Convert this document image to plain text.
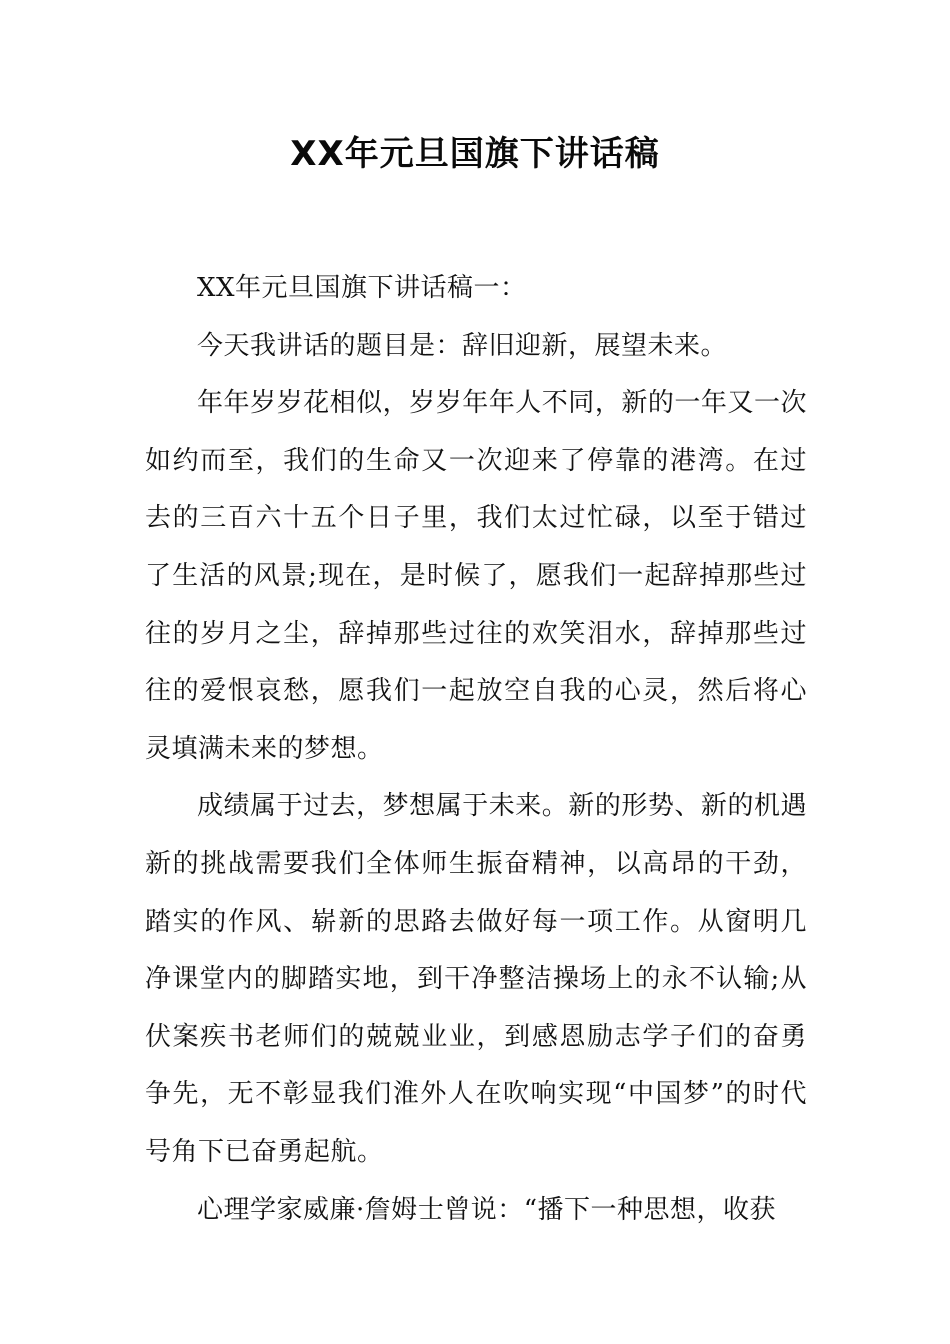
XX年元旦国旗下讲话稿

XX年元旦国旗下讲话稿一：

今天我讲话的题目是：辞旧迎新，展望未来。

年年岁岁花相似，岁岁年年人不同，新的一年又一次如约而至，我们的生命又一次迎来了停靠的港湾。在过去的三百六十五个日子里，我们太过忙碌，以至于错过了生活的风景;现在，是时候了，愿我们一起辞掉那些过往的岁月之尘，辞掉那些过往的欢笑泪水，辞掉那些过往的爱恨哀愁，愿我们一起放空自我的心灵，然后将心灵填满未来的梦想。

成绩属于过去，梦想属于未来。新的形势、新的机遇新的挑战需要我们全体师生振奋精神，以高昂的干劲，踏实的作风、崭新的思路去做好每一项工作。从窗明几净课堂内的脚踏实地，到干净整洁操场上的永不认输;从伏案疾书老师们的兢兢业业，到感恩励志学子们的奋勇争先，无不彰显我们淮外人在吹响实现“中国梦”的时代号角下已奋勇起航。

心理学家威廉·詹姆士曾说：“播下一种思想，收获
